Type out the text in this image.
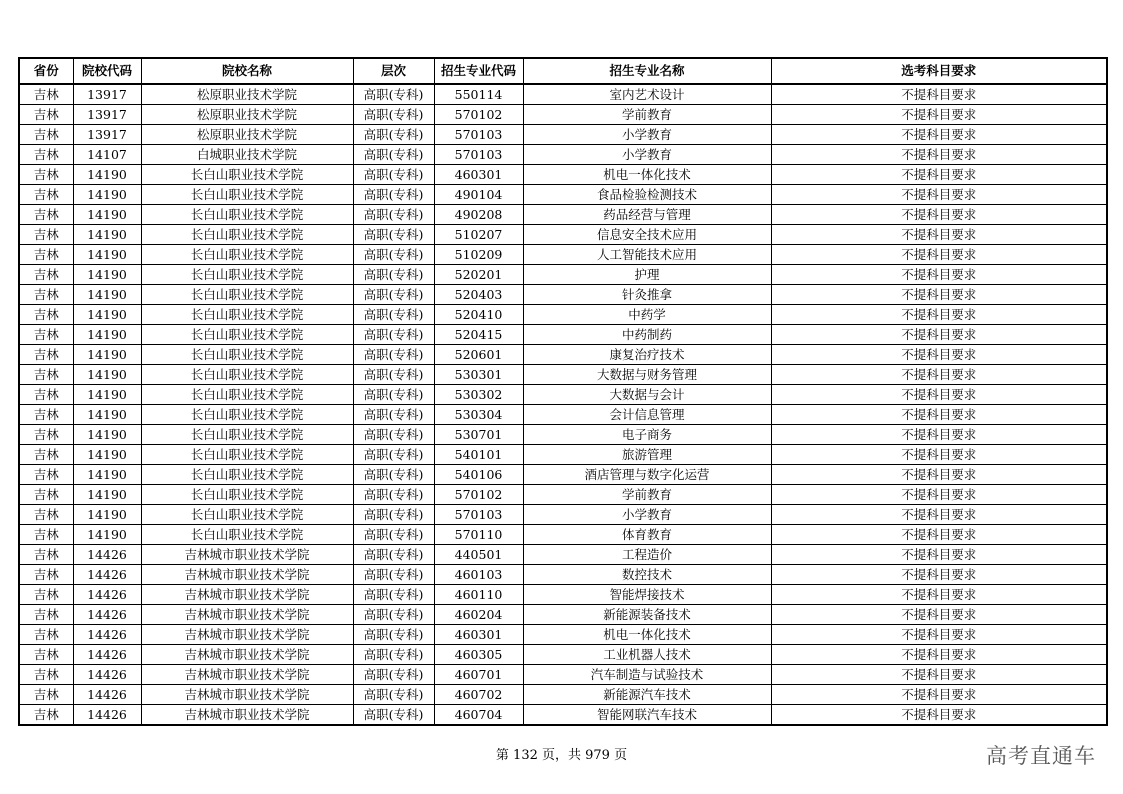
省份	院校代码	院校名称	层次	招生专业代码	招生专业名称	选考科目要求
吉林	13917	松原职业技术学院	高职(专科)	550114	室内艺术设计	不提科目要求
吉林	13917	松原职业技术学院	高职(专科)	570102	学前教育	不提科目要求
吉林	13917	松原职业技术学院	高职(专科)	570103	小学教育	不提科目要求
吉林	14107	白城职业技术学院	高职(专科)	570103	小学教育	不提科目要求
吉林	14190	长白山职业技术学院	高职(专科)	460301	机电一体化技术	不提科目要求
吉林	14190	长白山职业技术学院	高职(专科)	490104	食品检验检测技术	不提科目要求
吉林	14190	长白山职业技术学院	高职(专科)	490208	药品经营与管理	不提科目要求
吉林	14190	长白山职业技术学院	高职(专科)	510207	信息安全技术应用	不提科目要求
吉林	14190	长白山职业技术学院	高职(专科)	510209	人工智能技术应用	不提科目要求
吉林	14190	长白山职业技术学院	高职(专科)	520201	护理	不提科目要求
吉林	14190	长白山职业技术学院	高职(专科)	520403	针灸推拿	不提科目要求
吉林	14190	长白山职业技术学院	高职(专科)	520410	中药学	不提科目要求
吉林	14190	长白山职业技术学院	高职(专科)	520415	中药制药	不提科目要求
吉林	14190	长白山职业技术学院	高职(专科)	520601	康复治疗技术	不提科目要求
吉林	14190	长白山职业技术学院	高职(专科)	530301	大数据与财务管理	不提科目要求
吉林	14190	长白山职业技术学院	高职(专科)	530302	大数据与会计	不提科目要求
吉林	14190	长白山职业技术学院	高职(专科)	530304	会计信息管理	不提科目要求
吉林	14190	长白山职业技术学院	高职(专科)	530701	电子商务	不提科目要求
吉林	14190	长白山职业技术学院	高职(专科)	540101	旅游管理	不提科目要求
吉林	14190	长白山职业技术学院	高职(专科)	540106	酒店管理与数字化运营	不提科目要求
吉林	14190	长白山职业技术学院	高职(专科)	570102	学前教育	不提科目要求
吉林	14190	长白山职业技术学院	高职(专科)	570103	小学教育	不提科目要求
吉林	14190	长白山职业技术学院	高职(专科)	570110	体育教育	不提科目要求
吉林	14426	吉林城市职业技术学院	高职(专科)	440501	工程造价	不提科目要求
吉林	14426	吉林城市职业技术学院	高职(专科)	460103	数控技术	不提科目要求
吉林	14426	吉林城市职业技术学院	高职(专科)	460110	智能焊接技术	不提科目要求
吉林	14426	吉林城市职业技术学院	高职(专科)	460204	新能源装备技术	不提科目要求
吉林	14426	吉林城市职业技术学院	高职(专科)	460301	机电一体化技术	不提科目要求
吉林	14426	吉林城市职业技术学院	高职(专科)	460305	工业机器人技术	不提科目要求
吉林	14426	吉林城市职业技术学院	高职(专科)	460701	汽车制造与试验技术	不提科目要求
吉林	14426	吉林城市职业技术学院	高职(专科)	460702	新能源汽车技术	不提科目要求
吉林	14426	吉林城市职业技术学院	高职(专科)	460704	智能网联汽车技术	不提科目要求
第 132 页，共 979 页	高考直通车
